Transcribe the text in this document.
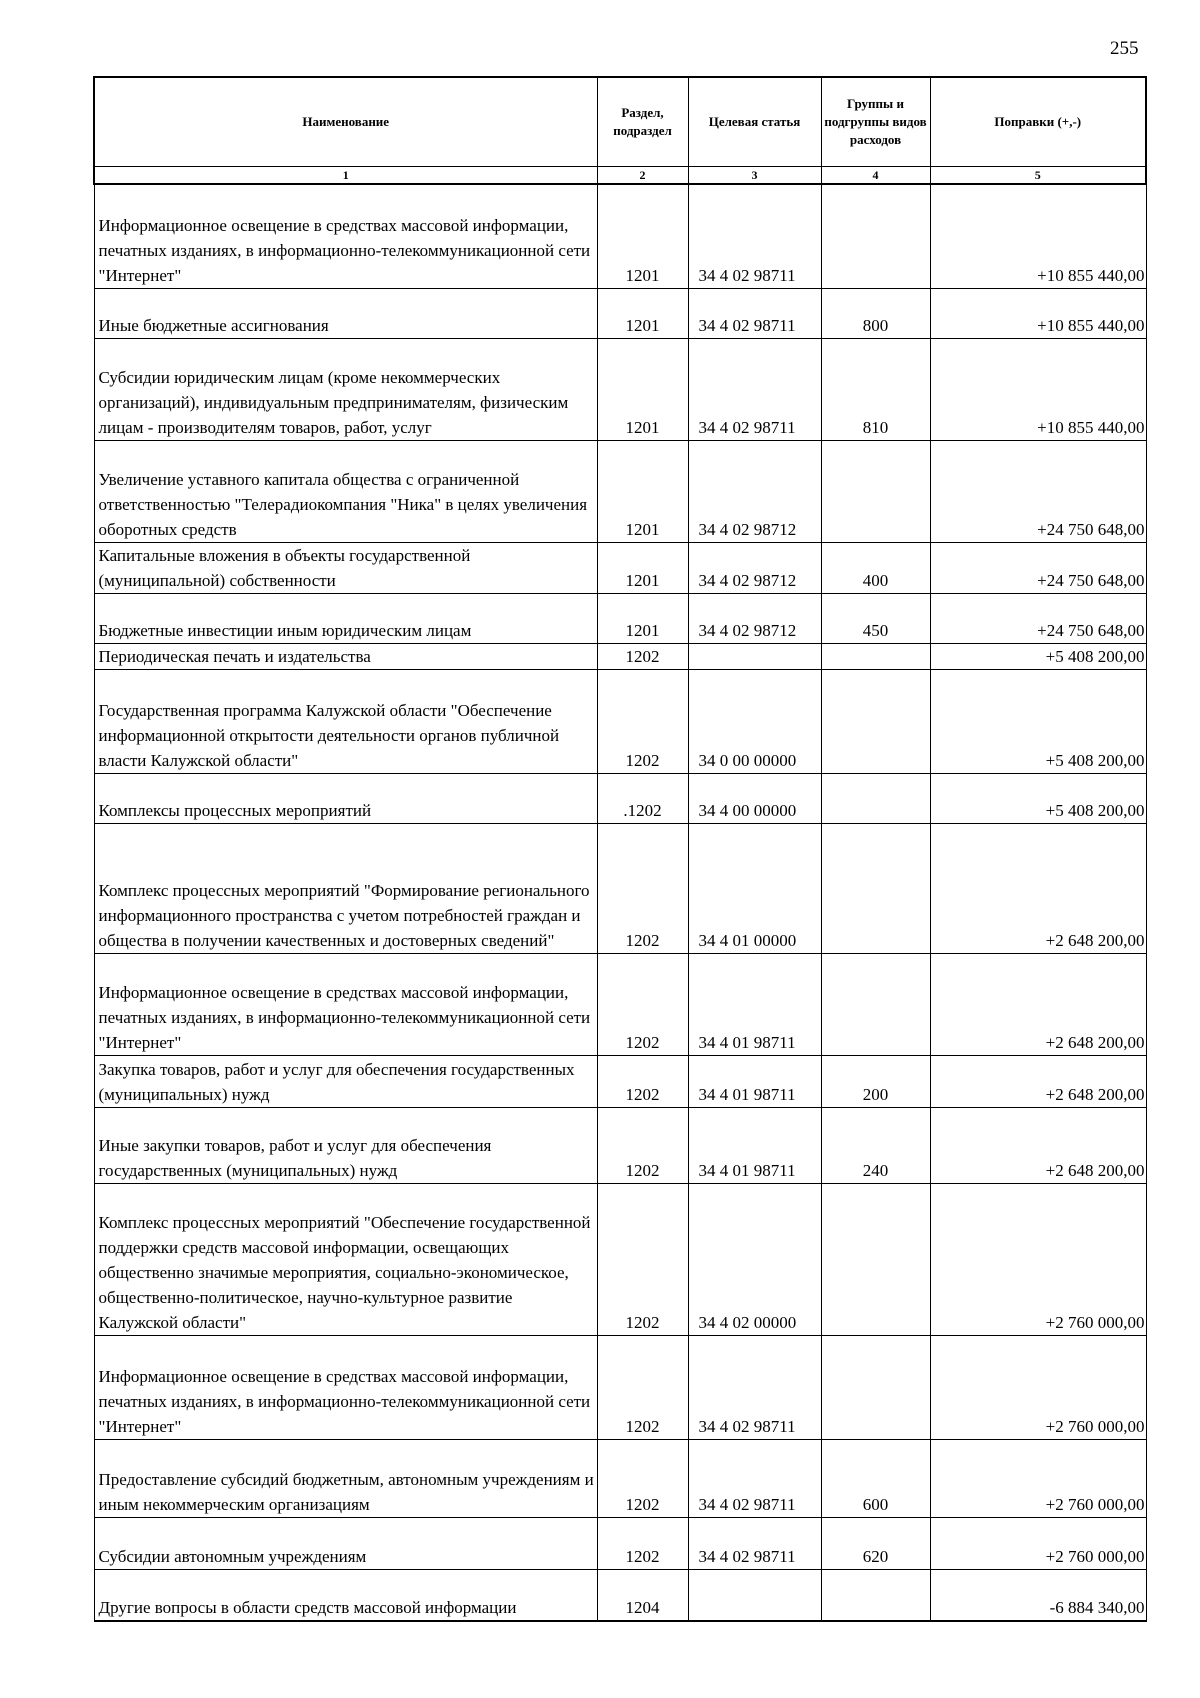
255
Наименование	Раздел, подраздел	Целевая статья	Группы и подгруппы видов расходов	Поправки (+,-)
1	2	3	4	5
Информационное освещение в средствах массовой информации, печатных изданиях, в информационно-телекоммуникационной сети "Интернет"	1201	34 4 02 98711		+10 855 440,00
Иные бюджетные ассигнования	1201	34 4 02 98711	800	+10 855 440,00
Субсидии юридическим лицам (кроме некоммерческих организаций), индивидуальным предпринимателям, физическим лицам - производителям товаров, работ, услуг	1201	34 4 02 98711	810	+10 855 440,00
Увеличение уставного капитала общества с ограниченной ответственностью "Телерадиокомпания "Ника" в целях увеличения оборотных средств	1201	34 4 02 98712		+24 750 648,00
Капитальные вложения в объекты государственной (муниципальной) собственности	1201	34 4 02 98712	400	+24 750 648,00
Бюджетные инвестиции иным юридическим лицам	1201	34 4 02 98712	450	+24 750 648,00
Периодическая печать и издательства	1202			+5 408 200,00
Государственная программа Калужской области "Обеспечение информационной открытости деятельности органов публичной власти Калужской области"	1202	34 0 00 00000		+5 408 200,00
Комплексы процессных мероприятий	.1202	34 4 00 00000		+5 408 200,00
Комплекс процессных мероприятий "Формирование регионального информационного пространства с учетом потребностей граждан и общества в получении качественных и достоверных сведений"	1202	34 4 01 00000		+2 648 200,00
Информационное освещение в средствах массовой информации, печатных изданиях, в информационно-телекоммуникационной сети "Интернет"	1202	34 4 01 98711		+2 648 200,00
Закупка товаров, работ и услуг для обеспечения государственных (муниципальных) нужд	1202	34 4 01 98711	200	+2 648 200,00
Иные закупки товаров, работ и услуг для обеспечения государственных (муниципальных) нужд	1202	34 4 01 98711	240	+2 648 200,00
Комплекс процессных мероприятий "Обеспечение государственной поддержки средств массовой информации, освещающих общественно значимые мероприятия, социально-экономическое, общественно-политическое, научно-культурное развитие Калужской области"	1202	34 4 02 00000		+2 760 000,00
Информационное освещение в средствах массовой информации, печатных изданиях, в информационно-телекоммуникационной сети "Интернет"	1202	34 4 02 98711		+2 760 000,00
Предоставление субсидий бюджетным, автономным учреждениям и иным некоммерческим организациям	1202	34 4 02 98711	600	+2 760 000,00
Субсидии автономным учреждениям	1202	34 4 02 98711	620	+2 760 000,00
Другие вопросы в области средств массовой информации	1204			-6 884 340,00
